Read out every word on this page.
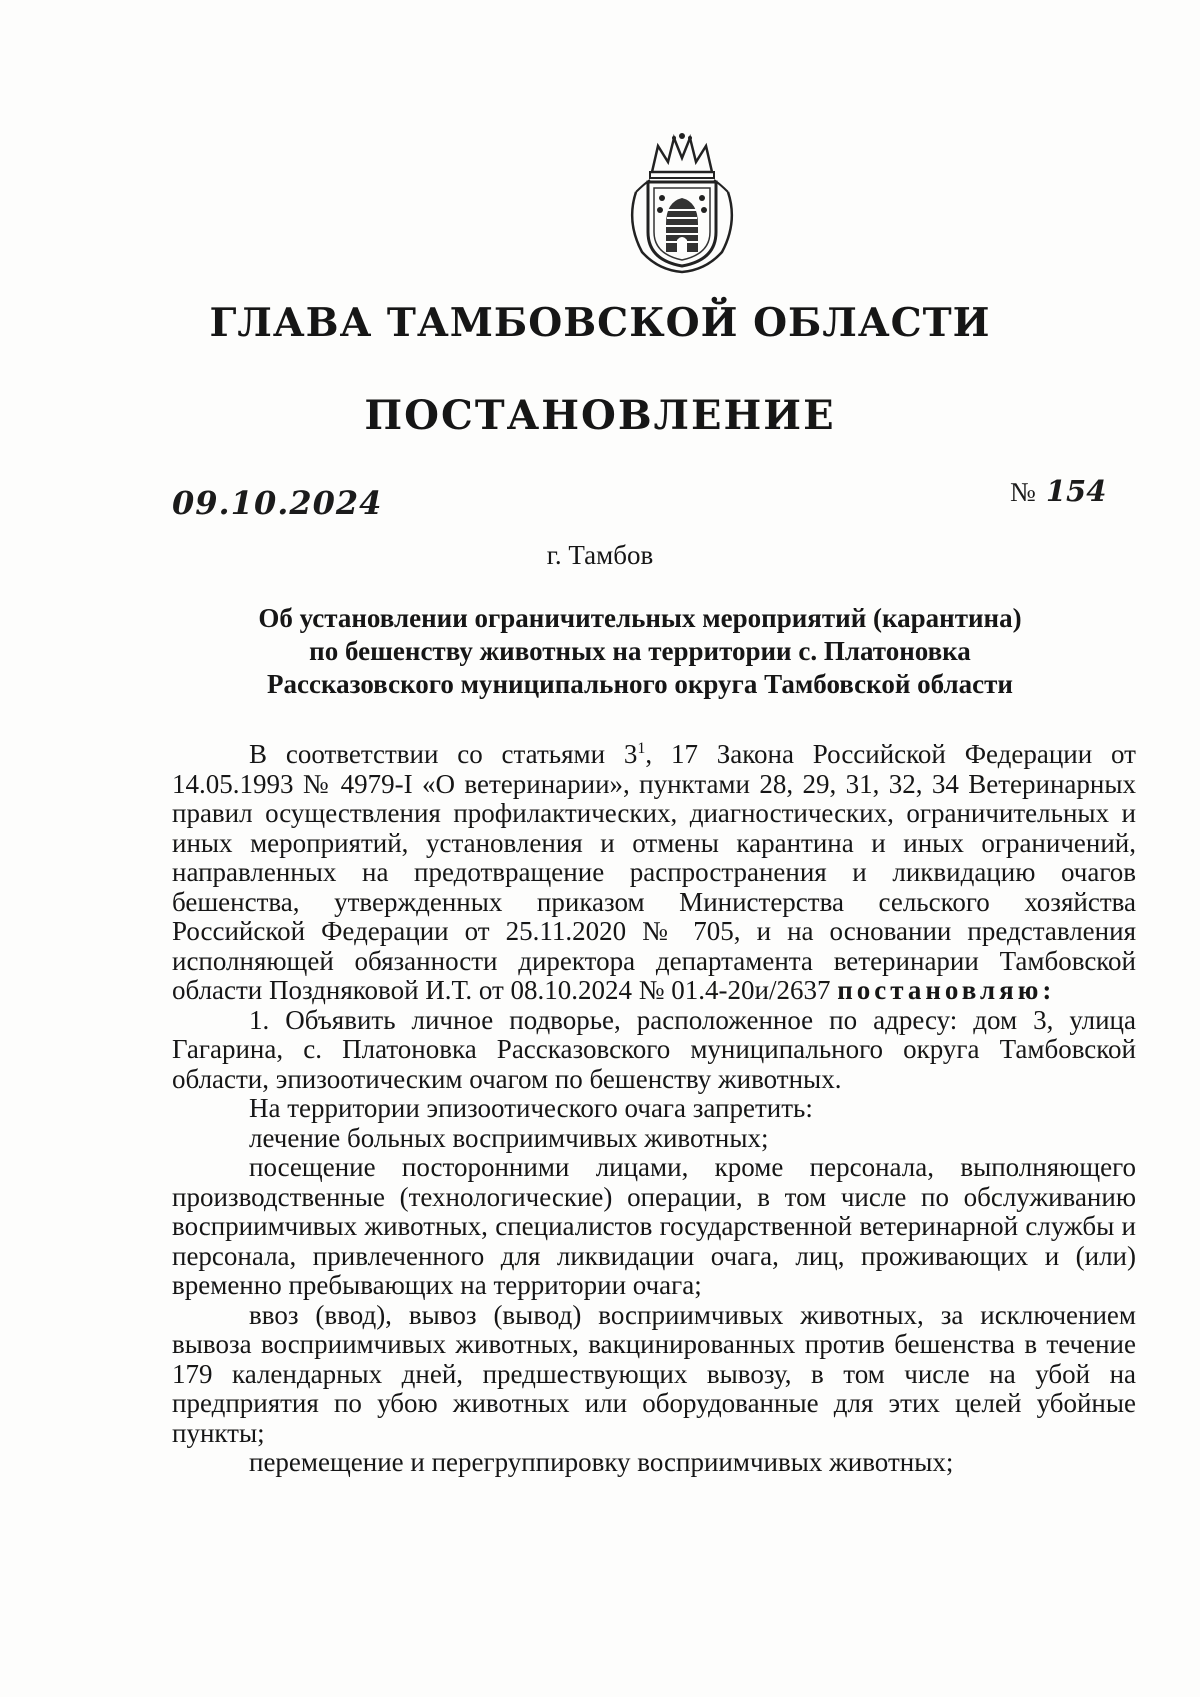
ГЛАВА ТАМБОВСКОЙ ОБЛАСТИ
ПОСТАНОВЛЕНИЕ
09.10.2024	№ 154
г. Тамбов
Об установлении ограничительных мероприятий (карантина)
по бешенству животных на территории с. Платоновка
Рассказовского муниципального округа Тамбовской области

В соответствии со статьями $3^1$, 17 Закона Российской Федерации от 14.05.1993 № 4979-I «О ветеринарии», пунктами 28, 29, 31, 32, 34 Ветеринарных правил осуществления профилактических, диагностических, ограничительных и иных мероприятий, установления и отмены карантина и иных ограничений, направленных на предотвращение распространения и ликвидацию очагов бешенства, утвержденных приказом Министерства сельского хозяйства Российской Федерации от 25.11.2020 № 705, и на основании представления исполняющей обязанности директора департамента ветеринарии Тамбовской области Поздняковой И.Т. от 08.10.2024 № 01.4-20и/2637 постановляю:

1. Объявить личное подворье, расположенное по адресу: дом 3, улица Гагарина, с. Платоновка Рассказовского муниципального округа Тамбовской области, эпизоотическим очагом по бешенству животных.

На территории эпизоотического очага запретить:

лечение больных восприимчивых животных;

посещение посторонними лицами, кроме персонала, выполняющего производственные (технологические) операции, в том числе по обслуживанию восприимчивых животных, специалистов государственной ветеринарной службы и персонала, привлеченного для ликвидации очага, лиц, проживающих и (или) временно пребывающих на территории очага;

ввоз (ввод), вывоз (вывод) восприимчивых животных, за исключением вывоза восприимчивых животных, вакцинированных против бешенства в течение 179 календарных дней, предшествующих вывозу, в том числе на убой на предприятия по убою животных или оборудованные для этих целей убойные пункты;

перемещение и перегруппировку восприимчивых животных;
